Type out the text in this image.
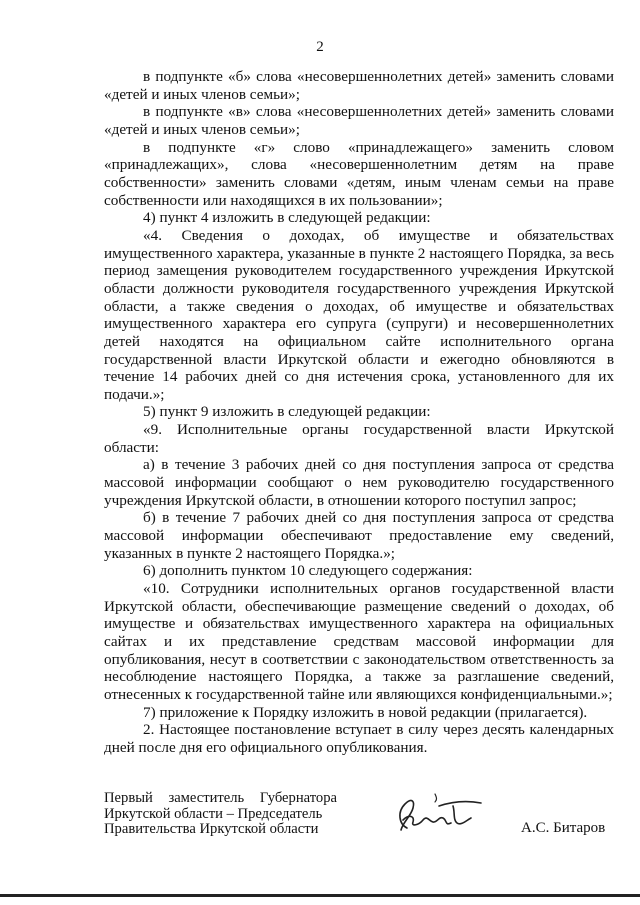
2

в подпункте «б» слова «несовершеннолетних детей» заменить словами «детей и иных членов семьи»;

в подпункте «в» слова «несовершеннолетних детей» заменить словами «детей и иных членов семьи»;

в подпункте «г» слово «принадлежащего» заменить словом «принадлежащих», слова «несовершеннолетним детям на праве собственности» заменить словами «детям, иным членам семьи на праве собственности или находящихся в их пользовании»;

4) пункт 4 изложить в следующей редакции:

«4. Сведения о доходах, об имуществе и обязательствах имущественного характера, указанные в пункте 2 настоящего Порядка, за весь период замещения руководителем государственного учреждения Иркутской области должности руководителя государственного учреждения Иркутской области, а также сведения о доходах, об имуществе и обязательствах имущественного характера его супруга (супруги) и несовершеннолетних детей находятся на официальном сайте исполнительного органа государственной власти Иркутской области и ежегодно обновляются в течение 14 рабочих дней со дня истечения срока, установленного для их подачи.»;

5) пункт 9 изложить в следующей редакции:

«9. Исполнительные органы государственной власти Иркутской области:

а) в течение 3 рабочих дней со дня поступления запроса от средства массовой информации сообщают о нем руководителю государственного учреждения Иркутской области, в отношении которого поступил запрос;

б) в течение 7 рабочих дней со дня поступления запроса от средства массовой информации обеспечивают предоставление ему сведений, указанных в пункте 2 настоящего Порядка.»;

6) дополнить пунктом 10 следующего содержания:

«10. Сотрудники исполнительных органов государственной власти Иркутской области, обеспечивающие размещение сведений о доходах, об имуществе и обязательствах имущественного характера на официальных сайтах и их представление средствам массовой информации для опубликования, несут в соответствии с законодательством ответственность за несоблюдение настоящего Порядка, а также за разглашение сведений, отнесенных к государственной тайне или являющихся конфиденциальными.»;

7) приложение к Порядку изложить в новой редакции (прилагается).

2. Настоящее постановление вступает в силу через десять календарных дней после дня его официального опубликования.

Первый заместитель Губернатора
Иркутской области – Председатель
Правительства Иркутской области	А.С. Битаров
